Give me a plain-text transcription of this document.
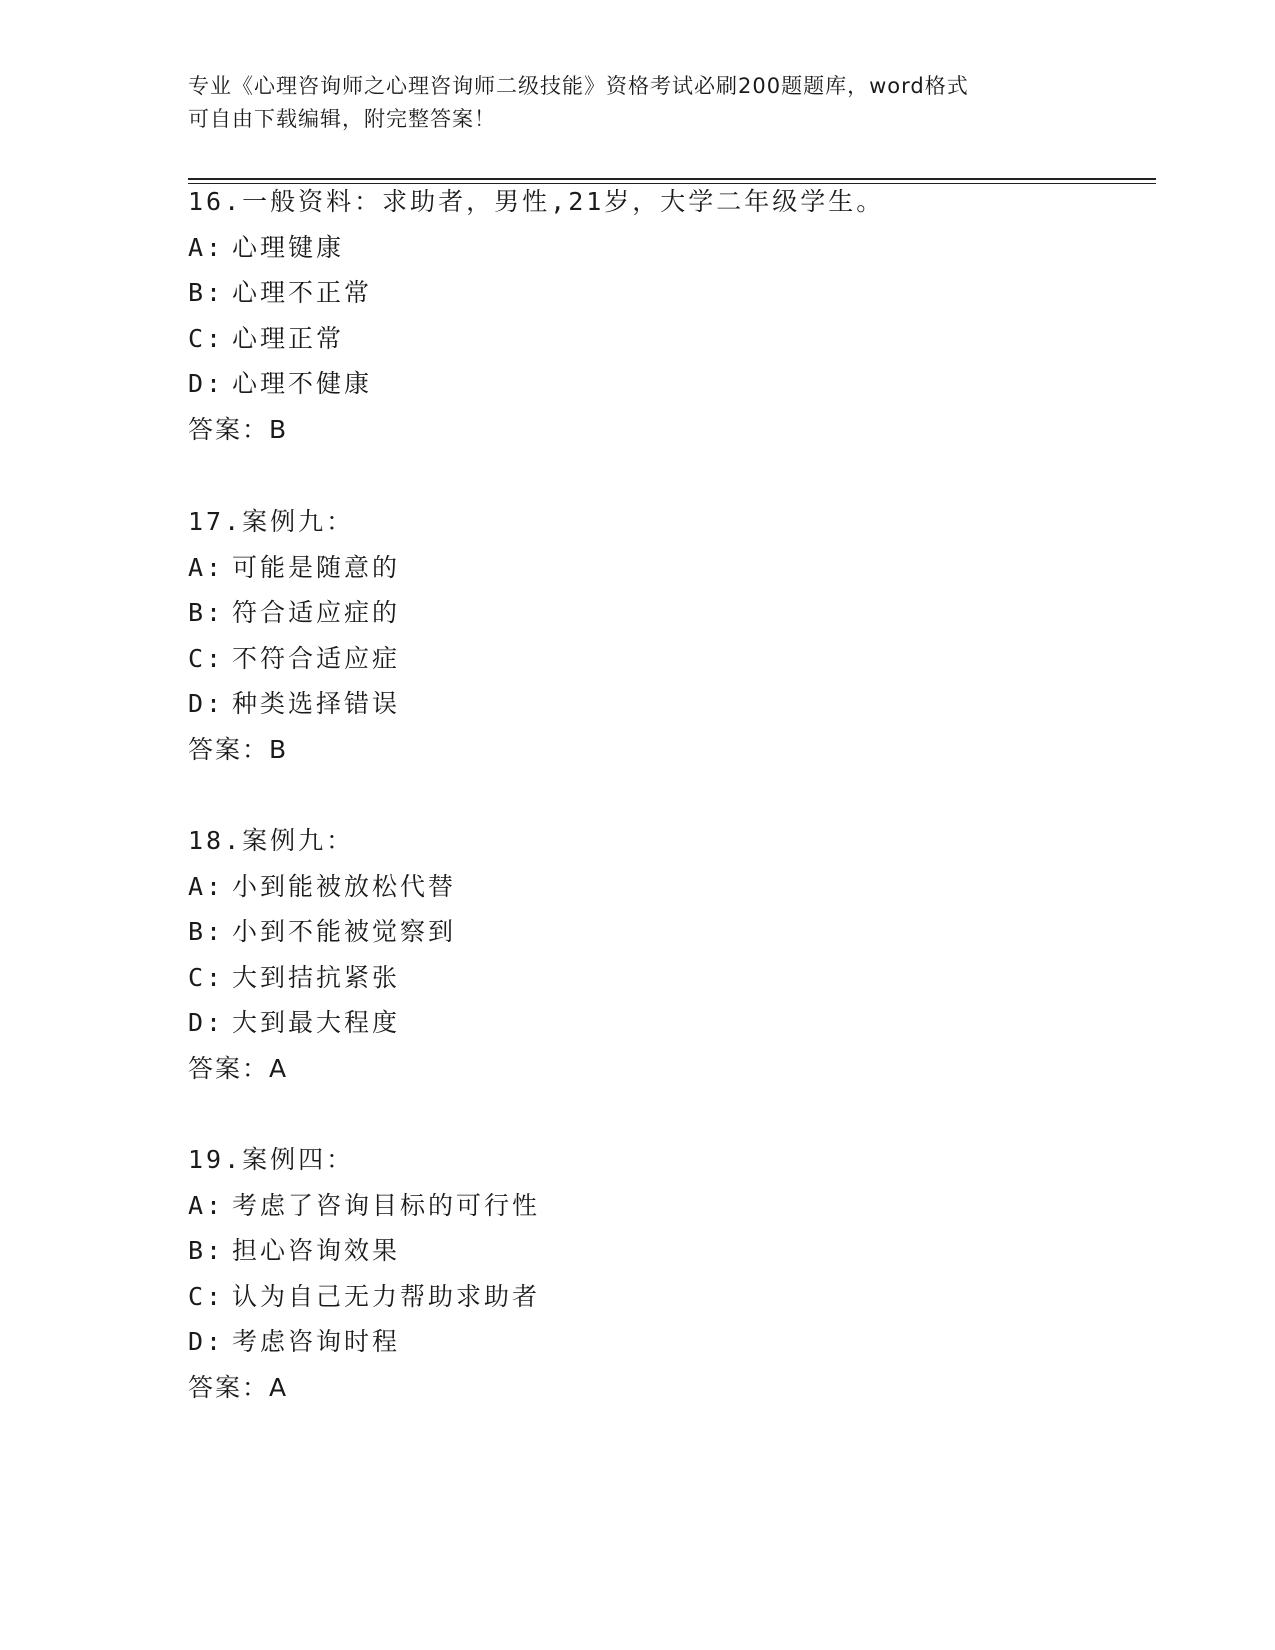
专业《心理咨询师之心理咨询师二级技能》资格考试必刷200题题库，word格式
可自由下载编辑，附完整答案！
16.一般资料：求助者，男性,21岁，大学二年级学生。
A: 心理键康
B: 心理不正常
C: 心理正常
D: 心理不健康
答案：B
17.案例九：
A: 可能是随意的
B: 符合适应症的
C: 不符合适应症
D: 种类选择错误
答案：B
18.案例九：
A: 小到能被放松代替
B: 小到不能被觉察到
C: 大到拮抗紧张
D: 大到最大程度
答案：A
19.案例四：
A: 考虑了咨询目标的可行性
B: 担心咨询效果
C: 认为自己无力帮助求助者
D: 考虑咨询时程
答案：A
